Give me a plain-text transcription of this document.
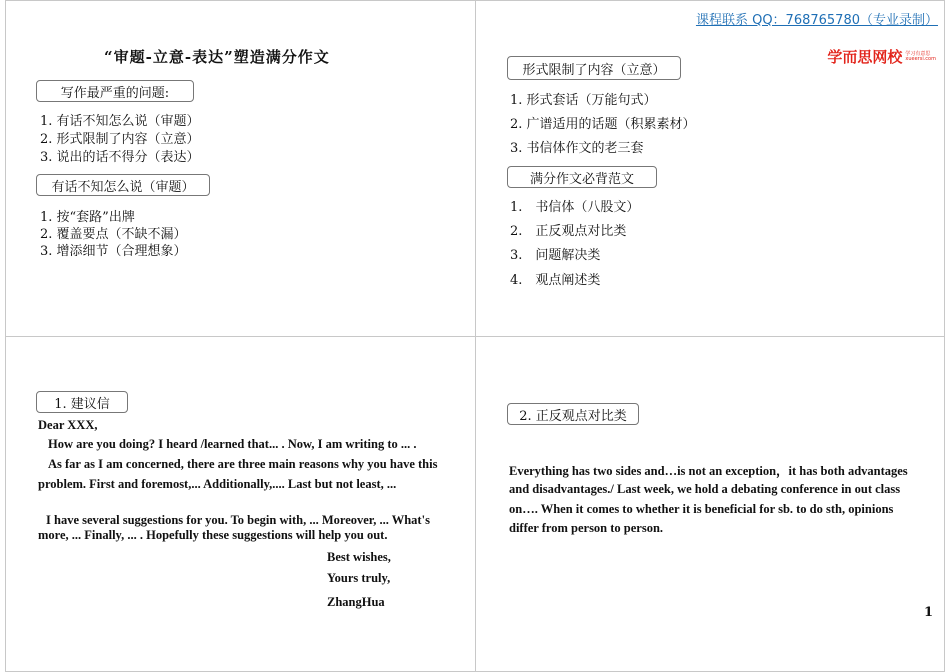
课程联系 QQ：768765780（专业录制）
学而思网校 学习有意思
xueersi.com
“审题-立意-表达”塑造满分作文
写作最严重的问题:
1. 有话不知怎么说（审题）
2. 形式限制了内容（立意）
3. 说出的话不得分（表达）
有话不知怎么说（审题）
1. 按“套路”出牌
2. 覆盖要点（不缺不漏）
3. 增添细节（合理想象）
形式限制了内容（立意）
1. 形式套话（万能句式）
2. 广谱适用的话题（积累素材）
3. 书信体作文的老三套
满分作文必背范文
1.　书信体（八股文）
2.　正反观点对比类
3.　问题解决类
4.　观点阐述类
1. 建议信
Dear XXX,
How are you doing? I heard /learned that... . Now, I am writing to ... .
As far as I am concerned, there are three main reasons why you have this
problem. First and foremost,... Additionally,.... Last but not least, ...
I have several suggestions for you. To begin with, ... Moreover, ... What's
more, ... Finally, ... . Hopefully these suggestions will help you out.
Best wishes,
Yours truly,
ZhangHua
2. 正反观点对比类
Everything has two sides and…is not an exception，it has both advantages
and disadvantages./ Last week, we hold a debating conference in out class
on…. When it comes to whether it is beneficial for sb. to do sth, opinions
differ from person to person.
1
